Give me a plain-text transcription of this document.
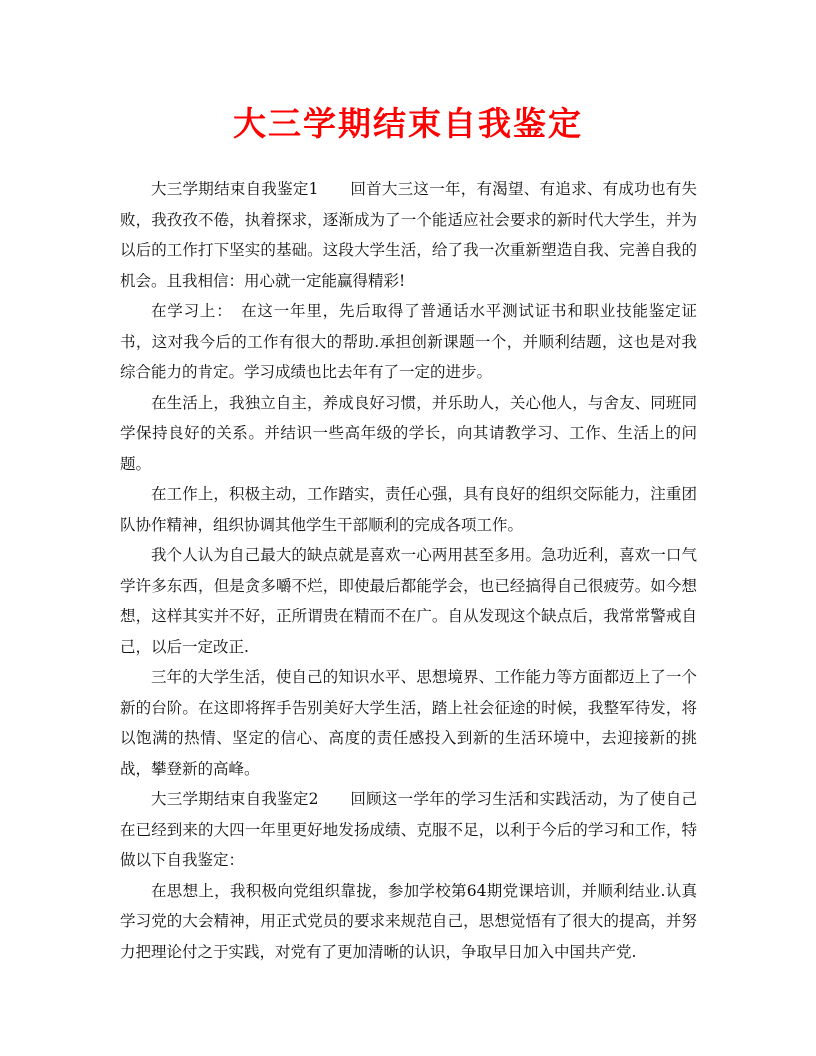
大三学期结束自我鉴定

大三学期结束自我鉴定1　　回首大三这一年，有渴望、有追求、有成功也有失败，我孜孜不倦，执着探求，逐渐成为了一个能适应社会要求的新时代大学生，并为以后的工作打下坚实的基础。这段大学生活，给了我一次重新塑造自我、完善自我的机会。且我相信：用心就一定能赢得精彩!

在学习上：　在这一年里，先后取得了普通话水平测试证书和职业技能鉴定证书，这对我今后的工作有很大的帮助.承担创新课题一个，并顺利结题，这也是对我综合能力的肯定。学习成绩也比去年有了一定的进步。

在生活上，我独立自主，养成良好习惯，并乐助人，关心他人，与舍友、同班同学保持良好的关系。并结识一些高年级的学长，向其请教学习、工作、生活上的问题。

在工作上，积极主动，工作踏实，责任心强，具有良好的组织交际能力，注重团队协作精神，组织协调其他学生干部顺利的完成各项工作。

我个人认为自己最大的缺点就是喜欢一心两用甚至多用。急功近利，喜欢一口气学许多东西，但是贪多嚼不烂，即使最后都能学会，也已经搞得自己很疲劳。如今想想，这样其实并不好，正所谓贵在精而不在广。自从发现这个缺点后，我常常警戒自己，以后一定改正.

三年的大学生活，使自己的知识水平、思想境界、工作能力等方面都迈上了一个新的台阶。在这即将挥手告别美好大学生活，踏上社会征途的时候，我整军待发，将以饱满的热情、坚定的信心、高度的责任感投入到新的生活环境中，去迎接新的挑战，攀登新的高峰。

大三学期结束自我鉴定2　　回顾这一学年的学习生活和实践活动，为了使自己在已经到来的大四一年里更好地发扬成绩、克服不足，以利于今后的学习和工作，特做以下自我鉴定：

在思想上，我积极向党组织靠拢，参加学校第64期党课培训，并顺利结业.认真学习党的大会精神，用正式党员的要求来规范自己，思想觉悟有了很大的提高，并努力把理论付之于实践，对党有了更加清晰的认识，争取早日加入中国共产党.
